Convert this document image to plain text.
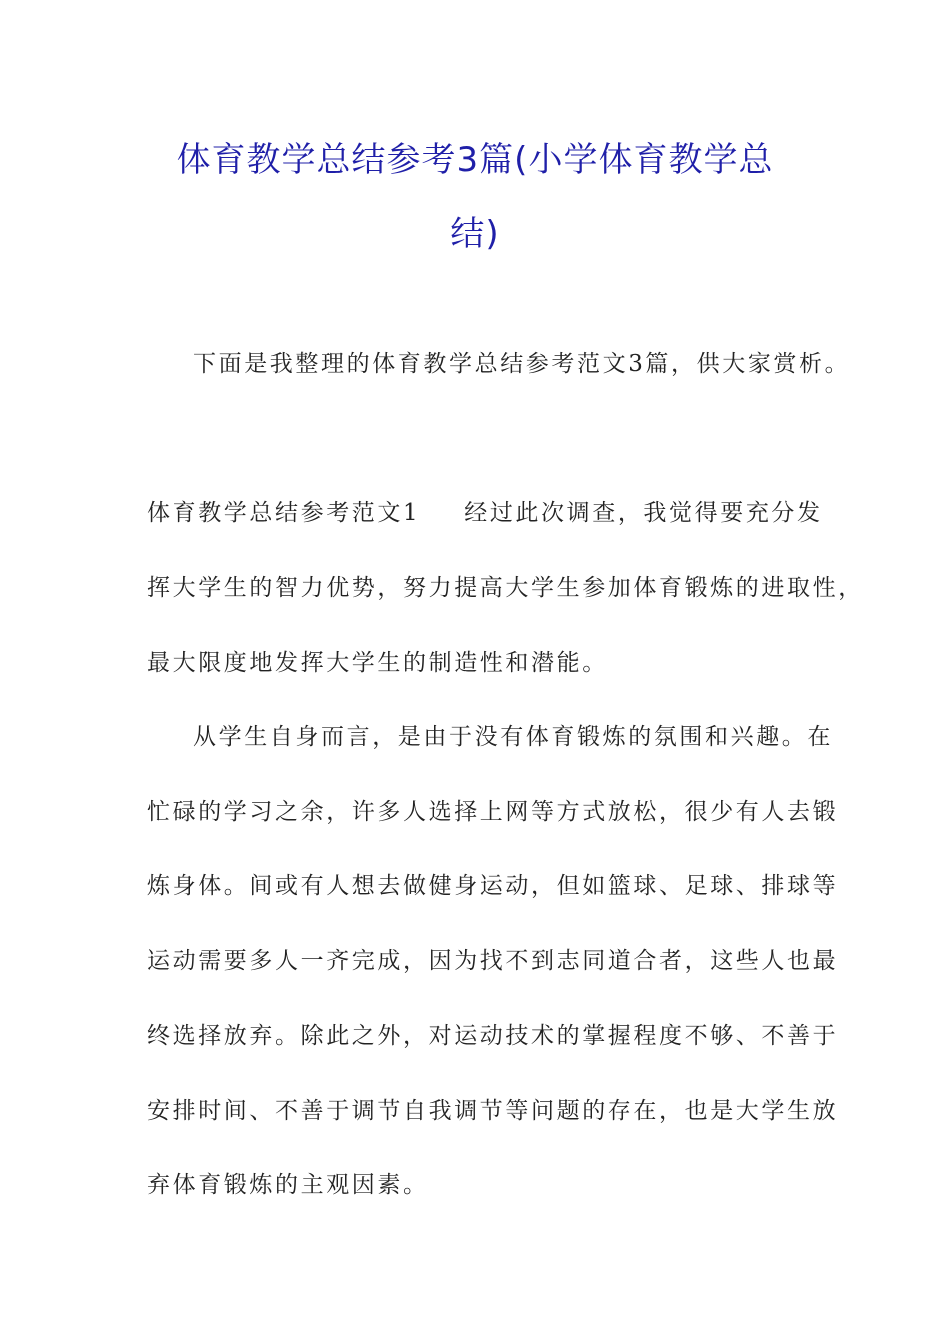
体育教学总结参考3篇(小学体育教学总
结)

下面是我整理的体育教学总结参考范文3篇，供大家赏析。

体育教学总结参考范文1 经过此次调查，我觉得要充分发

挥大学生的智力优势，努力提高大学生参加体育锻炼的进取性，

最大限度地发挥大学生的制造性和潜能。

从学生自身而言，是由于没有体育锻炼的氛围和兴趣。在

忙碌的学习之余，许多人选择上网等方式放松，很少有人去锻

炼身体。间或有人想去做健身运动，但如篮球、足球、排球等

运动需要多人一齐完成，因为找不到志同道合者，这些人也最

终选择放弃。除此之外，对运动技术的掌握程度不够、不善于

安排时间、不善于调节自我调节等问题的存在，也是大学生放

弃体育锻炼的主观因素。
